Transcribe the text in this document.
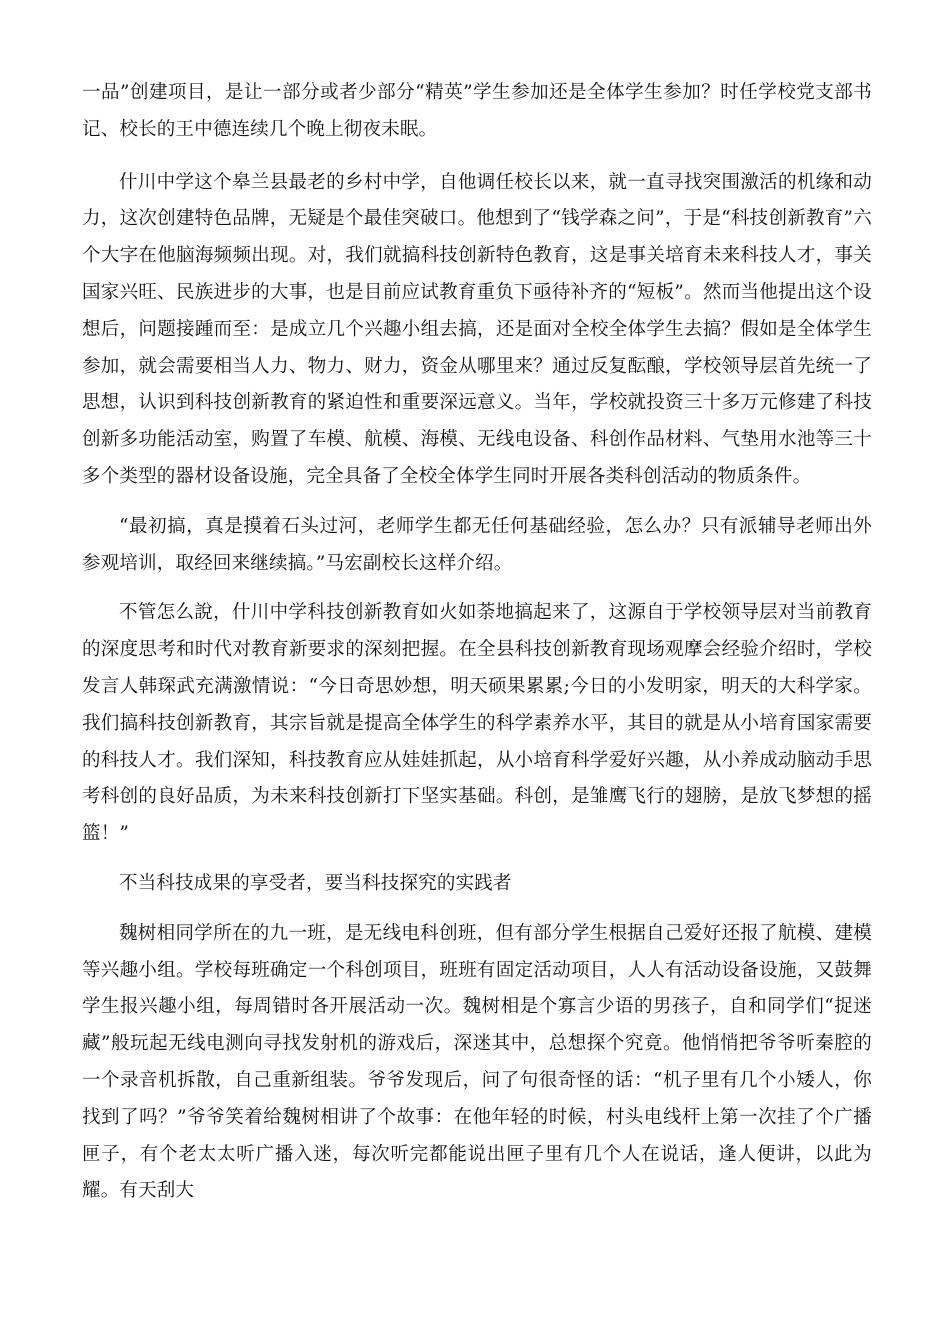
一品”创建项目，是让一部分或者少部分“精英”学生参加还是全体学生参加？时任学校党支部书记、校长的王中德连续几个晚上彻夜未眠。

什川中学这个皋兰县最老的乡村中学，自他调任校长以来，就一直寻找突围激活的机缘和动力，这次创建特色品牌，无疑是个最佳突破口。他想到了“钱学森之问”，于是“科技创新教育”六个大字在他脑海频频出现。对，我们就搞科技创新特色教育，这是事关培育未来科技人才，事关国家兴旺、民族进步的大事，也是目前应试教育重负下亟待补齐的“短板”。然而当他提出这个设想后，问题接踵而至：是成立几个兴趣小组去搞，还是面对全校全体学生去搞？假如是全体学生参加，就会需要相当人力、物力、财力，资金从哪里来？通过反复酝酿，学校领导层首先统一了思想，认识到科技创新教育的紧迫性和重要深远意义。当年，学校就投资三十多万元修建了科技创新多功能活动室，购置了车模、航模、海模、无线电设备、科创作品材料、气垫用水池等三十多个类型的器材设备设施，完全具备了全校全体学生同时开展各类科创活动的物质条件。

“最初搞，真是摸着石头过河，老师学生都无任何基础经验，怎么办？只有派辅导老师出外参观培训，取经回来继续搞。”马宏副校长这样介绍。

不管怎么說，什川中学科技创新教育如火如荼地搞起来了，这源自于学校领导层对当前教育的深度思考和时代对教育新要求的深刻把握。在全县科技创新教育现场观摩会经验介绍时，学校发言人韩琛武充满激情说：“今日奇思妙想，明天硕果累累;今日的小发明家，明天的大科学家。我们搞科技创新教育，其宗旨就是提高全体学生的科学素养水平，其目的就是从小培育国家需要的科技人才。我们深知，科技教育应从娃娃抓起，从小培育科学爱好兴趣，从小养成动脑动手思考科创的良好品质，为未来科技创新打下坚实基础。科创，是雏鹰飞行的翅膀，是放飞梦想的摇篮！”

不当科技成果的享受者，要当科技探究的实践者

魏树相同学所在的九一班，是无线电科创班，但有部分学生根据自己爱好还报了航模、建模等兴趣小组。学校每班确定一个科创项目，班班有固定活动项目，人人有活动设备设施，又鼓舞学生报兴趣小组，每周错时各开展活动一次。魏树相是个寡言少语的男孩子，自和同学们“捉迷藏”般玩起无线电测向寻找发射机的游戏后，深迷其中，总想探个究竟。他悄悄把爷爷听秦腔的一个录音机拆散，自己重新组装。爷爷发现后，问了句很奇怪的话：“机子里有几个小矮人，你找到了吗？”爷爷笑着给魏树相讲了个故事：在他年轻的时候，村头电线杆上第一次挂了个广播匣子，有个老太太听广播入迷，每次听完都能说出匣子里有几个人在说话，逢人便讲，以此为耀。有天刮大
